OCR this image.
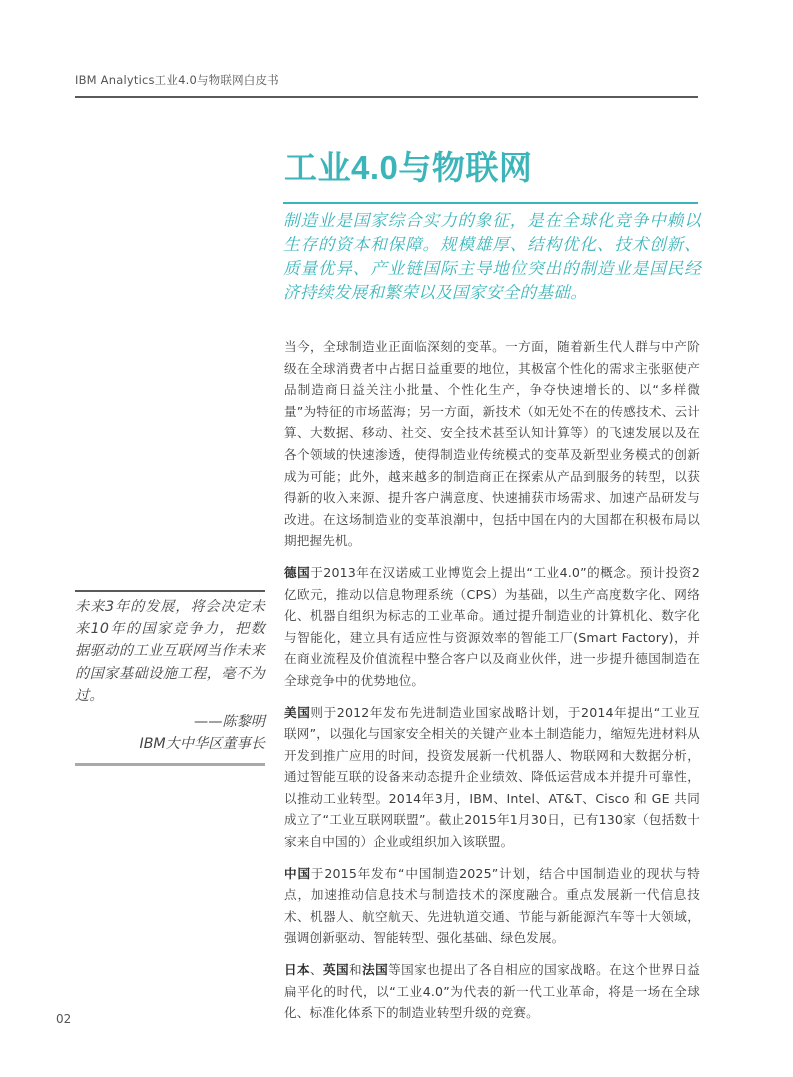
IBM Analytics工业4.0与物联网白皮书
工业4.0与物联网
制造业是国家综合实力的象征，是在全球化竞争中赖以生存的资本和保障。规模雄厚、结构优化、技术创新、质量优异、产业链国际主导地位突出的制造业是国民经济持续发展和繁荣以及国家安全的基础。

当今，全球制造业正面临深刻的变革。一方面，随着新生代人群与中产阶级在全球消费者中占据日益重要的地位，其极富个性化的需求主张驱使产品制造商日益关注小批量、个性化生产，争夺快速增长的、以“多样微量”为特征的市场蓝海；另一方面，新技术（如无处不在的传感技术、云计算、大数据、移动、社交、安全技术甚至认知计算等）的飞速发展以及在各个领域的快速渗透，使得制造业传统模式的变革及新型业务模式的创新成为可能；此外，越来越多的制造商正在探索从产品到服务的转型，以获得新的收入来源、提升客户满意度、快速捕获市场需求、加速产品研发与改进。在这场制造业的变革浪潮中，包括中国在内的大国都在积极布局以期把握先机。

德国于2013年在汉诺威工业博览会上提出“工业4.0”的概念。预计投资2亿欧元，推动以信息物理系统（CPS）为基础，以生产高度数字化、网络化、机器自组织为标志的工业革命。通过提升制造业的计算机化、数字化与智能化，建立具有适应性与资源效率的智能工厂(Smart Factory)，并在商业流程及价值流程中整合客户以及商业伙伴，进一步提升德国制造在全球竞争中的优势地位。

美国则于2012年发布先进制造业国家战略计划，于2014年提出“工业互联网”，以强化与国家安全相关的关键产业本土制造能力，缩短先进材料从开发到推广应用的时间，投资发展新一代机器人、物联网和大数据分析，通过智能互联的设备来动态提升企业绩效、降低运营成本并提升可靠性，以推动工业转型。2014年3月，IBM、Intel、AT&T、Cisco 和 GE 共同成立了“工业互联网联盟”。截止2015年1月30日，已有130家（包括数十家来自中国的）企业或组织加入该联盟。

中国于2015年发布“中国制造2025”计划，结合中国制造业的现状与特点，加速推动信息技术与制造技术的深度融合。重点发展新一代信息技术、机器人、航空航天、先进轨道交通、节能与新能源汽车等十大领域，强调创新驱动、智能转型、强化基础、绿色发展。

日本、英国和法国等国家也提出了各自相应的国家战略。在这个世界日益扁平化的时代，以“工业4.0”为代表的新一代工业革命，将是一场在全球化、标准化体系下的制造业转型升级的竞赛。

未来3年的发展，将会决定未来10年的国家竞争力，把数据驱动的工业互联网当作未来的国家基础设施工程，毫不为过。
——陈黎明
IBM大中华区董事长
02
